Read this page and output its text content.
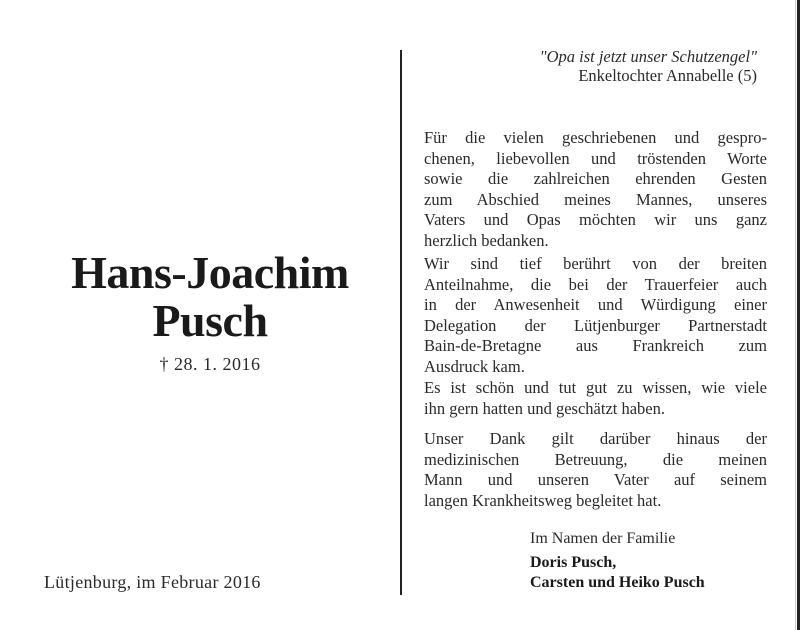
Hans-Joachim
Pusch
† 28. 1. 2016
Lütjenburg, im Februar 2016
"Opa ist jetzt unser Schutzengel"
Enkeltochter Annabelle (5)
Für die vielen geschriebenen und gespro-
chenen, liebevollen und tröstenden Worte
sowie die zahlreichen ehrenden Gesten
zum Abschied meines Mannes, unseres
Vaters und Opas möchten wir uns ganz
herzlich bedanken.
Wir sind tief berührt von der breiten
Anteilnahme, die bei der Trauerfeier auch
in der Anwesenheit und Würdigung einer
Delegation der Lütjenburger Partnerstadt
Bain-de-Bretagne aus Frankreich zum
Ausdruck kam.
Es ist schön und tut gut zu wissen, wie viele
ihn gern hatten und geschätzt haben.
Unser Dank gilt darüber hinaus der
medizinischen Betreuung, die meinen
Mann und unseren Vater auf seinem
langen Krankheitsweg begleitet hat.
Im Namen der Familie
Doris Pusch,
Carsten und Heiko Pusch
